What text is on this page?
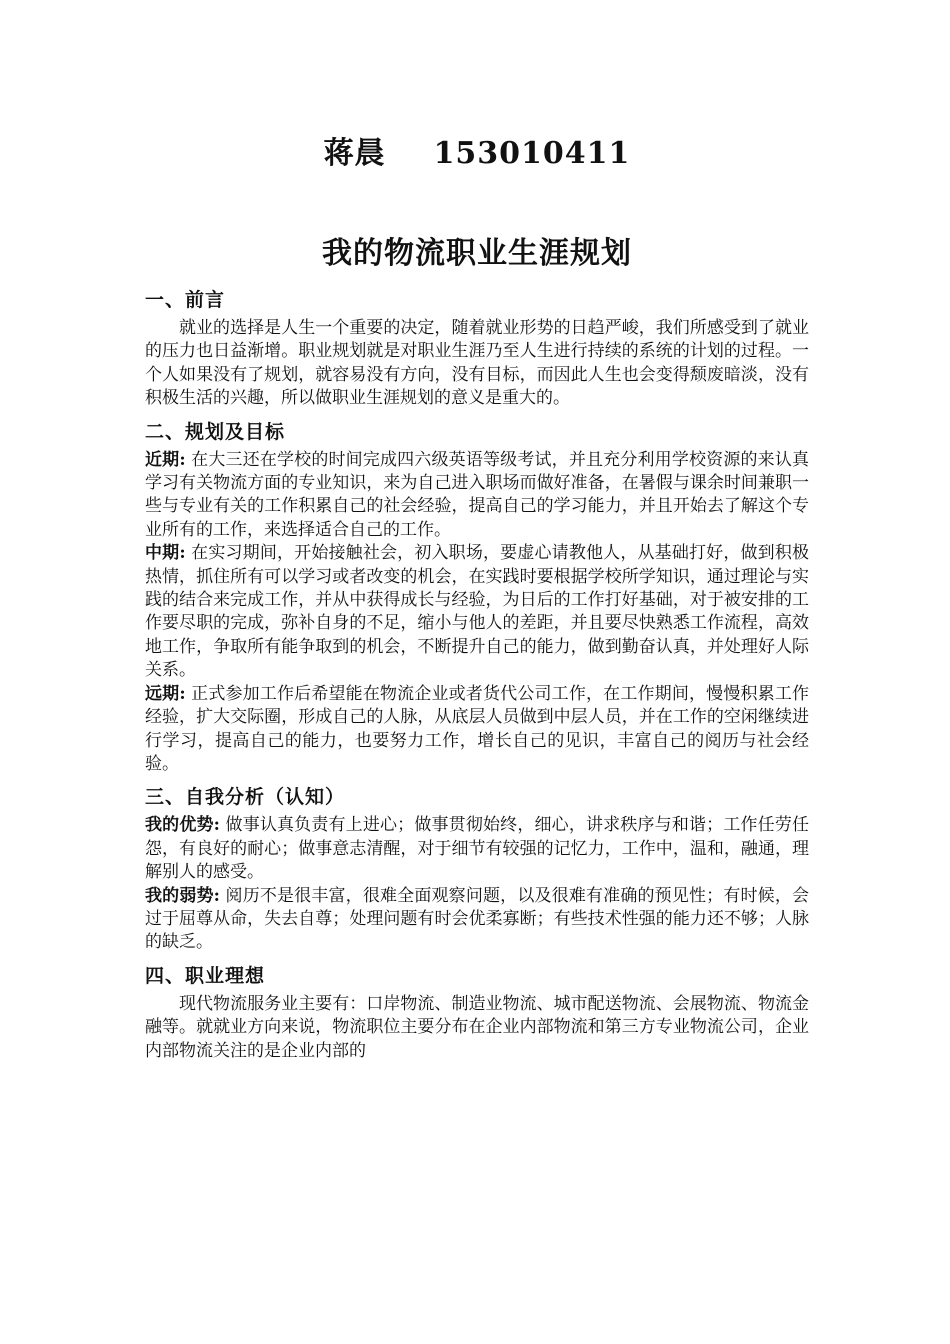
蒋晨 153010411
我的物流职业生涯规划
一、前言

就业的选择是人生一个重要的决定，随着就业形势的日趋严峻，我们所感受到了就业的压力也日益渐增。职业规划就是对职业生涯乃至人生进行持续的系统的计划的过程。一个人如果没有了规划，就容易没有方向，没有目标，而因此人生也会变得颓废暗淡，没有积极生活的兴趣，所以做职业生涯规划的意义是重大的。

二、规划及目标

近期: 在大三还在学校的时间完成四六级英语等级考试，并且充分利用学校资源的来认真学习有关物流方面的专业知识，来为自己进入职场而做好准备，在暑假与课余时间兼职一些与专业有关的工作积累自己的社会经验，提高自己的学习能力，并且开始去了解这个专业所有的工作，来选择适合自己的工作。

中期: 在实习期间，开始接触社会，初入职场，要虚心请教他人，从基础打好，做到积极热情，抓住所有可以学习或者改变的机会，在实践时要根据学校所学知识，通过理论与实践的结合来完成工作，并从中获得成长与经验，为日后的工作打好基础，对于被安排的工作要尽职的完成，弥补自身的不足，缩小与他人的差距，并且要尽快熟悉工作流程，高效地工作，争取所有能争取到的机会，不断提升自己的能力，做到勤奋认真，并处理好人际关系。

远期: 正式参加工作后希望能在物流企业或者货代公司工作，在工作期间，慢慢积累工作经验，扩大交际圈，形成自己的人脉，从底层人员做到中层人员，并在工作的空闲继续进行学习，提高自己的能力，也要努力工作，增长自己的见识，丰富自己的阅历与社会经验。

三、自我分析（认知）

我的优势: 做事认真负责有上进心；做事贯彻始终，细心，讲求秩序与和谐；工作任劳任怨，有良好的耐心；做事意志清醒，对于细节有较强的记忆力，工作中，温和，融通，理解别人的感受。

我的弱势: 阅历不是很丰富，很难全面观察问题，以及很难有准确的预见性；有时候，会过于屈尊从命，失去自尊；处理问题有时会优柔寡断；有些技术性强的能力还不够；人脉的缺乏。

四、职业理想

现代物流服务业主要有：口岸物流、制造业物流、城市配送物流、会展物流、物流金融等。就就业方向来说，物流职位主要分布在企业内部物流和第三方专业物流公司，企业内部物流关注的是企业内部的
